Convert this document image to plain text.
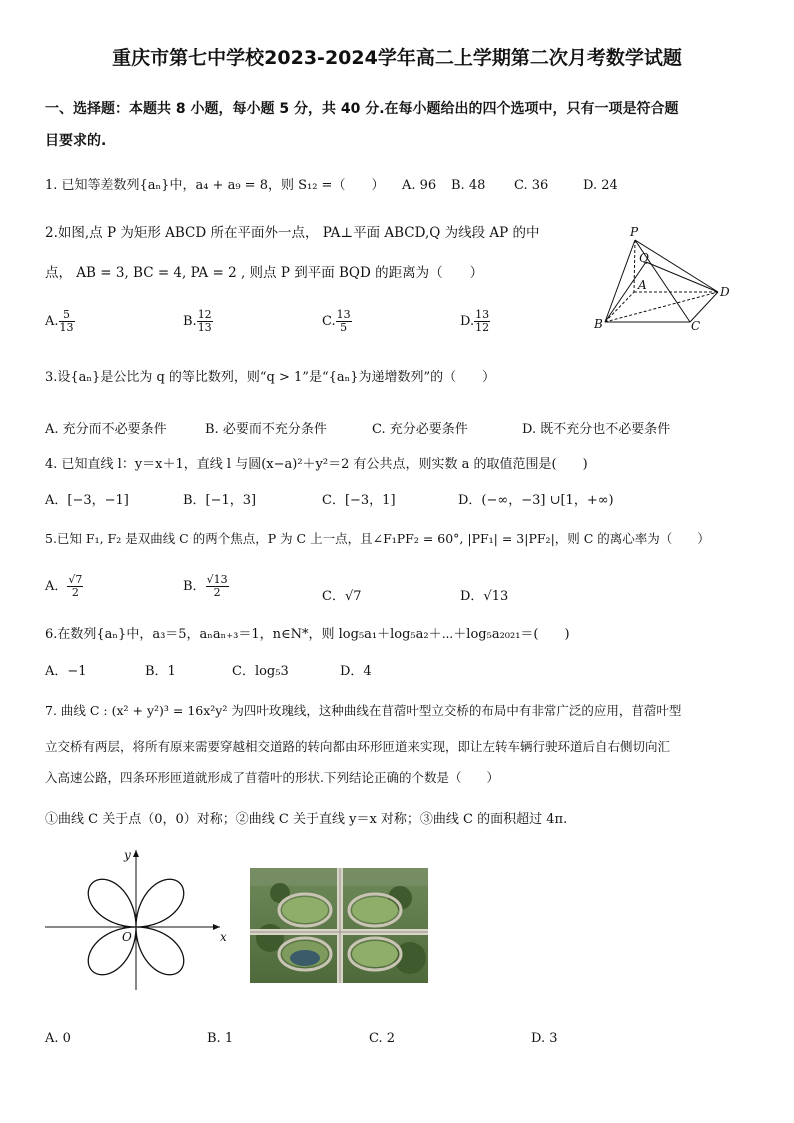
重庆市第七中学校2023-2024学年高二上学期第二次月考数学试题
一、选择题：本题共 8 小题，每小题 5 分，共 40 分.在每小题给出的四个选项中，只有一项是符合题
目要求的.
1. 已知等差数列{aₙ}中，a₄ + a₉ = 8，则 S₁₂ =（　　） A. 96 B. 48 C. 36	D. 24
2.如图,点 P 为矩形 ABCD 所在平面外一点， PA⊥平面 ABCD,Q 为线段 AP 的中
点， AB = 3, BC = 4, PA = 2 , 则点 P 到平面 BQD 的距离为（　　）
A. $\frac{5}{13}$	B. $\frac{12}{13}$	C. $\frac{13}{5}$	D. $\frac{13}{12}$
P
Q
A
B	C
D
3.设{aₙ}是公比为 q 的等比数列，则“q > 1”是“{aₙ}为递增数列”的（　　）
A. 充分而不必要条件	B. 必要而不充分条件	C. 充分必要条件	D. 既不充分也不必要条件
4. 已知直线 l：y＝x＋1，直线 l 与圆(x−a)²＋y²＝2 有公共点，则实数 a 的取值范围是(　　)
A．[−3，−1]	B．[−1，3]	C．[−3，1]	D．(−∞，−3] ∪[1，+∞)
5.已知 F₁, F₂ 是双曲线 C 的两个焦点，P 为 C 上一点，且∠F₁PF₂ = 60°, |PF₁| = 3|PF₂|，则 C 的离心率为（　　）
A． $\frac{√7}{2}$	B． $\frac{√13}{2}$	C．√7	D．√13
6.在数列{aₙ}中，a₃＝5，aₙaₙ₊₃＝1，n∈N*，则 log₅a₁＋log₅a₂＋⋯＋log₅a₂₀₂₁＝(　　)
A．−1	B．1	C．log₅3	D．4
7. 曲线 C : (x² + y²)³ = 16x²y² 为四叶玫瑰线，这种曲线在苜蓿叶型立交桥的布局中有非常广泛的应用，苜蓿叶型
立交桥有两层，将所有原来需要穿越相交道路的转向都由环形匝道来实现，即让左转车辆行驶环道后自右侧切向汇
入高速公路，四条环形匝道就形成了苜蓿叶的形状.下列结论正确的个数是（　　）
①曲线 C 关于点（0，0）对称；②曲线 C 关于直线 y＝x 对称；③曲线 C 的面积超过 4π.
x
y
O
A. 0	B. 1	C. 2	D. 3
